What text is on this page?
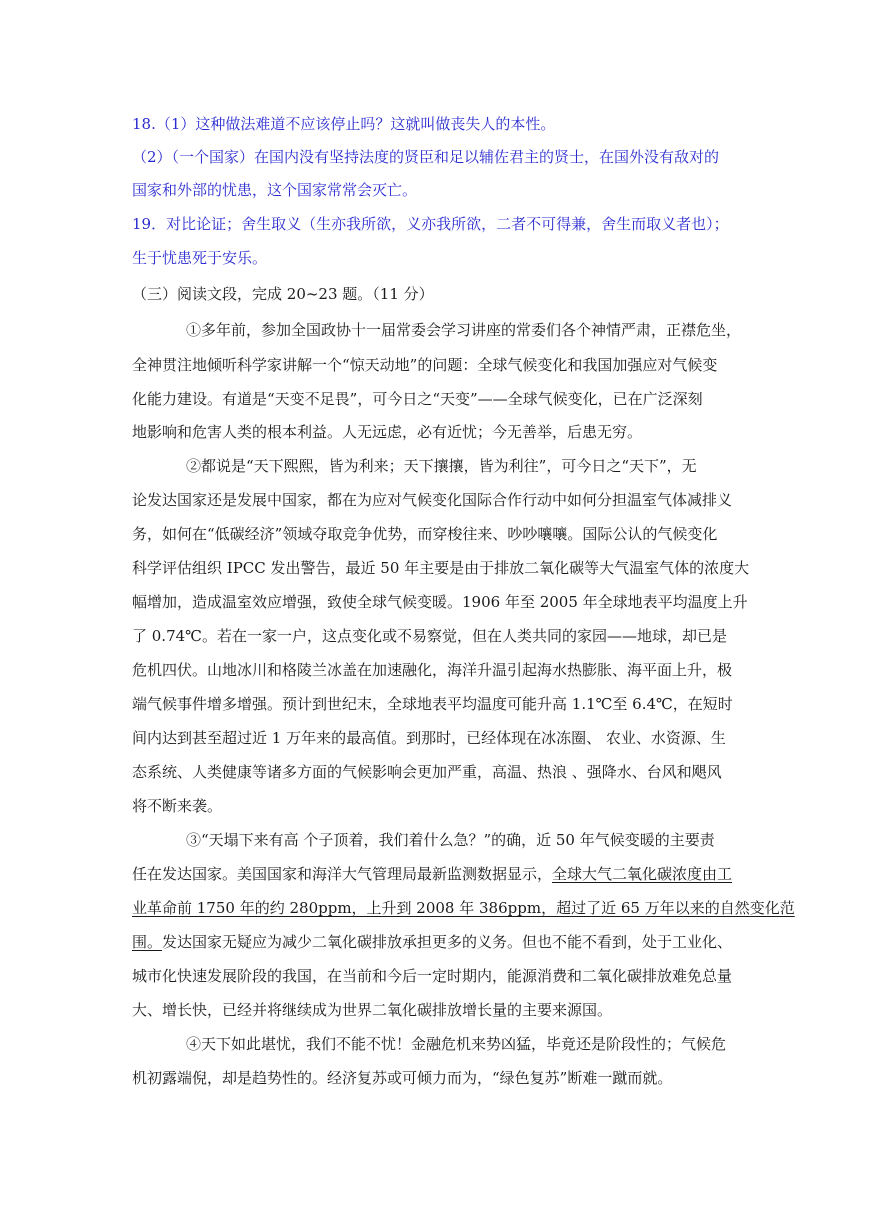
18.（1）这种做法难道不应该停止吗？这就叫做丧失人的本性。
（2）（一个国家）在国内没有坚持法度的贤臣和足以辅佐君主的贤士，在国外没有敌对的
国家和外部的忧患，这个国家常常会灭亡。
19．对比论证；舍生取义（生亦我所欲，义亦我所欲，二者不可得兼，舍生而取义者也）；
生于忧患死于安乐。
（三）阅读文段，完成 20~23 题。（11 分）
①多年前，参加全国政协十一届常委会学习讲座的常委们各个神情严肃，正襟危坐，
全神贯注地倾听科学家讲解一个“惊天动地”的问题：全球气候变化和我国加强应对气候变
化能力建设。有道是“天变不足畏”，可今日之“天变”——全球气候变化，已在广泛深刻
地影响和危害人类的根本利益。人无远虑，必有近忧；今无善举，后患无穷。
②都说是“天下熙熙，皆为利来；天下攘攘，皆为利往”，可今日之“天下”，无
论发达国家还是发展中国家，都在为应对气候变化国际合作行动中如何分担温室气体减排义
务，如何在“低碳经济”领域夺取竞争优势，而穿梭往来、吵吵嚷嚷。国际公认的气候变化
科学评估组织 IPCC 发出警告，最近 50 年主要是由于排放二氧化碳等大气温室气体的浓度大
幅增加，造成温室效应增强，致使全球气候变暖。1906 年至 2005 年全球地表平均温度上升
了 0.74℃。若在一家一户，这点变化或不易察觉，但在人类共同的家园——地球，却已是
危机四伏。山地冰川和格陵兰冰盖在加速融化，海洋升温引起海水热膨胀、海平面上升，极
端气候事件增多增强。预计到世纪末，全球地表平均温度可能升高 1.1℃至 6.4℃，在短时
间内达到甚至超过近 1 万年来的最高值。到那时，已经体现在冰冻圈、 农业、水资源、生
态系统、人类健康等诸多方面的气候影响会更加严重，高温、热浪 、强降水、台风和飓风
将不断来袭。
③“天塌下来有高 个子顶着，我们着什么急？”的确，近 50 年气候变暖的主要责
任在发达国家。美国国家和海洋大气管理局最新监测数据显示，全球大气二氧化碳浓度由工
业革命前 1750 年的约 280ppm，上升到 2008 年 386ppm，超过了近 65 万年以来的自然变化范
围。发达国家无疑应为减少二氧化碳排放承担更多的义务。但也不能不看到，处于工业化、
城市化快速发展阶段的我国，在当前和今后一定时期内，能源消费和二氧化碳排放难免总量
大、增长快，已经并将继续成为世界二氧化碳排放增长量的主要来源国。
④天下如此堪忧，我们不能不忧！金融危机来势凶猛，毕竟还是阶段性的；气候危
机初露端倪，却是趋势性的。经济复苏或可倾力而为，“绿色复苏”断难一蹴而就。
